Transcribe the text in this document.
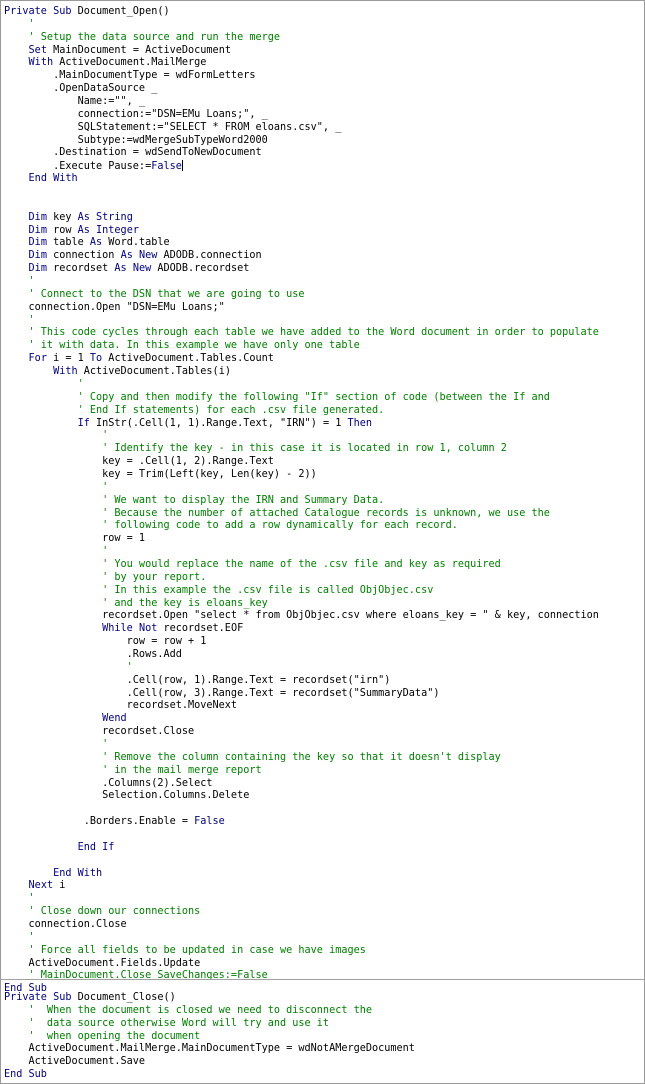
Private Sub Document_Open()
'
' Setup the data source and run the merge
Set MainDocument = ActiveDocument
With ActiveDocument.MailMerge
.MainDocumentType = wdFormLetters
.OpenDataSource _
Name:="", _
connection:="DSN=EMu Loans;", _
SQLStatement:="SELECT * FROM eloans.csv", _
Subtype:=wdMergeSubTypeWord2000
.Destination = wdSendToNewDocument
.Execute Pause:=False
End With
Dim key As String
Dim row As Integer
Dim table As Word.table
Dim connection As New ADODB.connection
Dim recordset As New ADODB.recordset
'
' Connect to the DSN that we are going to use
connection.Open "DSN=EMu Loans;"
'
' This code cycles through each table we have added to the Word document in order to populate
' it with data. In this example we have only one table
For i = 1 To ActiveDocument.Tables.Count
With ActiveDocument.Tables(i)
'
' Copy and then modify the following "If" section of code (between the If and
' End If statements) for each .csv file generated.
If InStr(.Cell(1, 1).Range.Text, "IRN") = 1 Then
'
' Identify the key - in this case it is located in row 1, column 2
key = .Cell(1, 2).Range.Text
key = Trim(Left(key, Len(key) - 2))
'
' We want to display the IRN and Summary Data.
' Because the number of attached Catalogue records is unknown, we use the
' following code to add a row dynamically for each record.
row = 1
'
' You would replace the name of the .csv file and key as required
' by your report.
' In this example the .csv file is called ObjObjec.csv
' and the key is eloans_key
recordset.Open "select * from ObjObjec.csv where eloans_key = " & key, connection
While Not recordset.EOF
row = row + 1
.Rows.Add
'
.Cell(row, 1).Range.Text = recordset("irn")
.Cell(row, 3).Range.Text = recordset("SummaryData")
recordset.MoveNext
Wend
recordset.Close
'
' Remove the column containing the key so that it doesn't display
' in the mail merge report
.Columns(2).Select
Selection.Columns.Delete
.Borders.Enable = False
End If
End With
Next i
'
' Close down our connections
connection.Close
'
' Force all fields to be updated in case we have images
ActiveDocument.Fields.Update
' MainDocument.Close SaveChanges:=False
End Sub
Private Sub Document_Close()
'  When the document is closed we need to disconnect the
'  data source otherwise Word will try and use it
'  when opening the document
ActiveDocument.MailMerge.MainDocumentType = wdNotAMergeDocument
ActiveDocument.Save
End Sub
